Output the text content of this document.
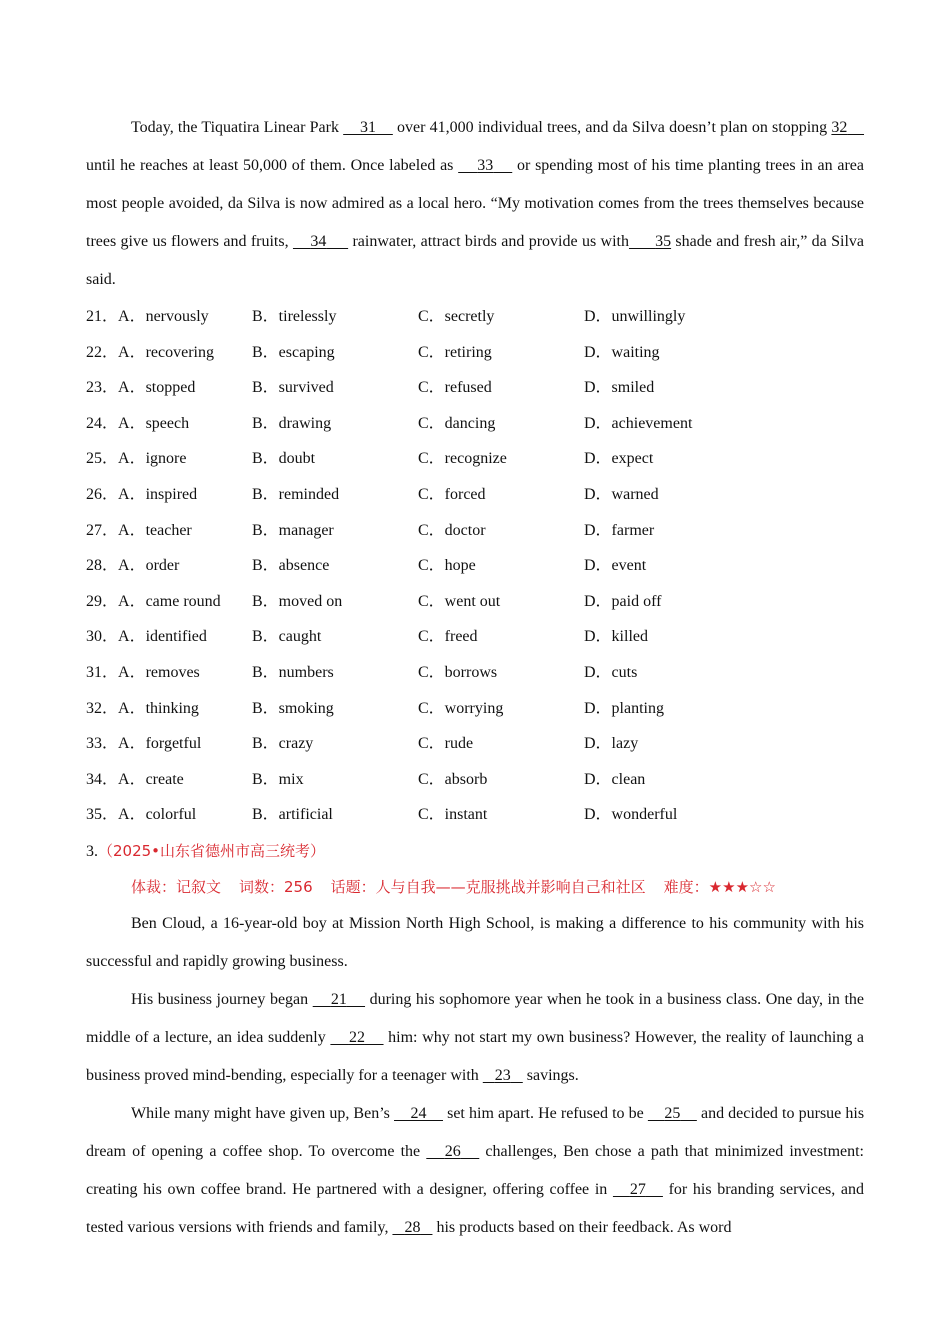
Today, the Tiquatira Linear Park     31     over 41,000 individual trees, and da Silva doesn’t plan on stopping 32     until he reaches at least 50,000 of them. Once labeled as     33     or spending most of his time planting trees in an area most people avoided, da Silva is now admired as a local hero. “My motivation comes from the trees themselves because trees give us flowers and fruits,     34      rainwater, attract birds and provide us with 35 shade and fresh air,” da Silva said.

21．A．nervously	B．tirelessly	C．secretly	D．unwillingly
22．A．recovering B．escaping	C．retiring	D．waiting
23．A．stopped	B．survived	C．refused	D．smiled
24．A．speech	B．drawing	C．dancing	D．achievement
25．A．ignore	B．doubt	C．recognize	D．expect
26．A．inspired	B．reminded	C．forced	D．warned
27．A．teacher	B．manager	C．doctor	D．farmer
28．A．order	B．absence	C．hope	D．event
29．A．came round B．moved on	C．went out	D．paid off
30．A．identified	B．caught	C．freed	D．killed
31．A．removes	B．numbers	C．borrows	D．cuts
32．A．thinking	B．smoking	C．worrying	D．planting
33．A．forgetful	B．crazy	C．rude	D．lazy
34．A．create	B．mix	C．absorb	D．clean
35．A．colorful	B．artificial	C．instant	D．wonderful
3.（2025•山东省德州市高三统考）
体裁：记叙文 词数：256 话题：人与自我——克服挑战并影响自己和社区 难度：★★★☆☆

Ben Cloud, a 16-year-old boy at Mission North High School, is making a difference to his community with his successful and rapidly growing business.

His business journey began     21     during his sophomore year when he took in a business class. One day, in the middle of a lecture, an idea suddenly     22     him: why not start my own business? However, the reality of launching a business proved mind-bending, especially for a teenager with    23    savings.

While many might have given up, Ben’s     24     set him apart. He refused to be     25     and decided to pursue his dream of opening a coffee shop. To overcome the    26    challenges, Ben chose a path that minimized investment: creating his own coffee brand. He partnered with a designer, offering coffee in    27    for his branding services, and tested various versions with friends and family,    28    his products based on their feedback. As word
